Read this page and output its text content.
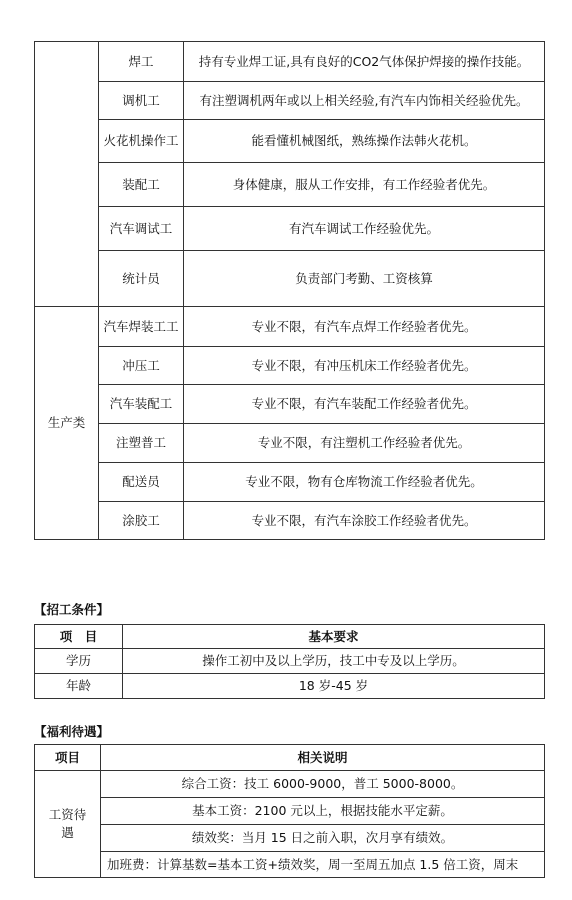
	焊工	持有专业焊工证,具有良好的CO2气体保护焊接的操作技能。
	调机工	有注塑调机两年或以上相关经验,有汽车内饰相关经验优先。
	火花机操作工	能看懂机械图纸，熟练操作法韩火花机。
	装配工	身体健康，服从工作安排，有工作经验者优先。
	汽车调试工	有汽车调试工作经验优先。
	统计员	负责部门考勤、工资核算
生产类	汽车焊装工工	专业不限，有汽车点焊工作经验者优先。
	冲压工	专业不限，有冲压机床工作经验者优先。
	汽车装配工	专业不限，有汽车装配工作经验者优先。
	注塑普工	专业不限，有注塑机工作经验者优先。
	配送员	专业不限，物有仓库物流工作经验者优先。
	涂胶工	专业不限，有汽车涂胶工作经验者优先。
【招工条件】
项　目	基本要求
学历	操作工初中及以上学历，技工中专及以上学历。
年龄	18 岁-45 岁
【福利待遇】
项目	相关说明
工资待遇	综合工资：技工 6000-9000，普工 5000-8000。
	基本工资：2100 元以上，根据技能水平定薪。
	绩效奖：当月 15 日之前入职，次月享有绩效。
	加班费：计算基数=基本工资+绩效奖，周一至周五加点 1.5 倍工资，周末
